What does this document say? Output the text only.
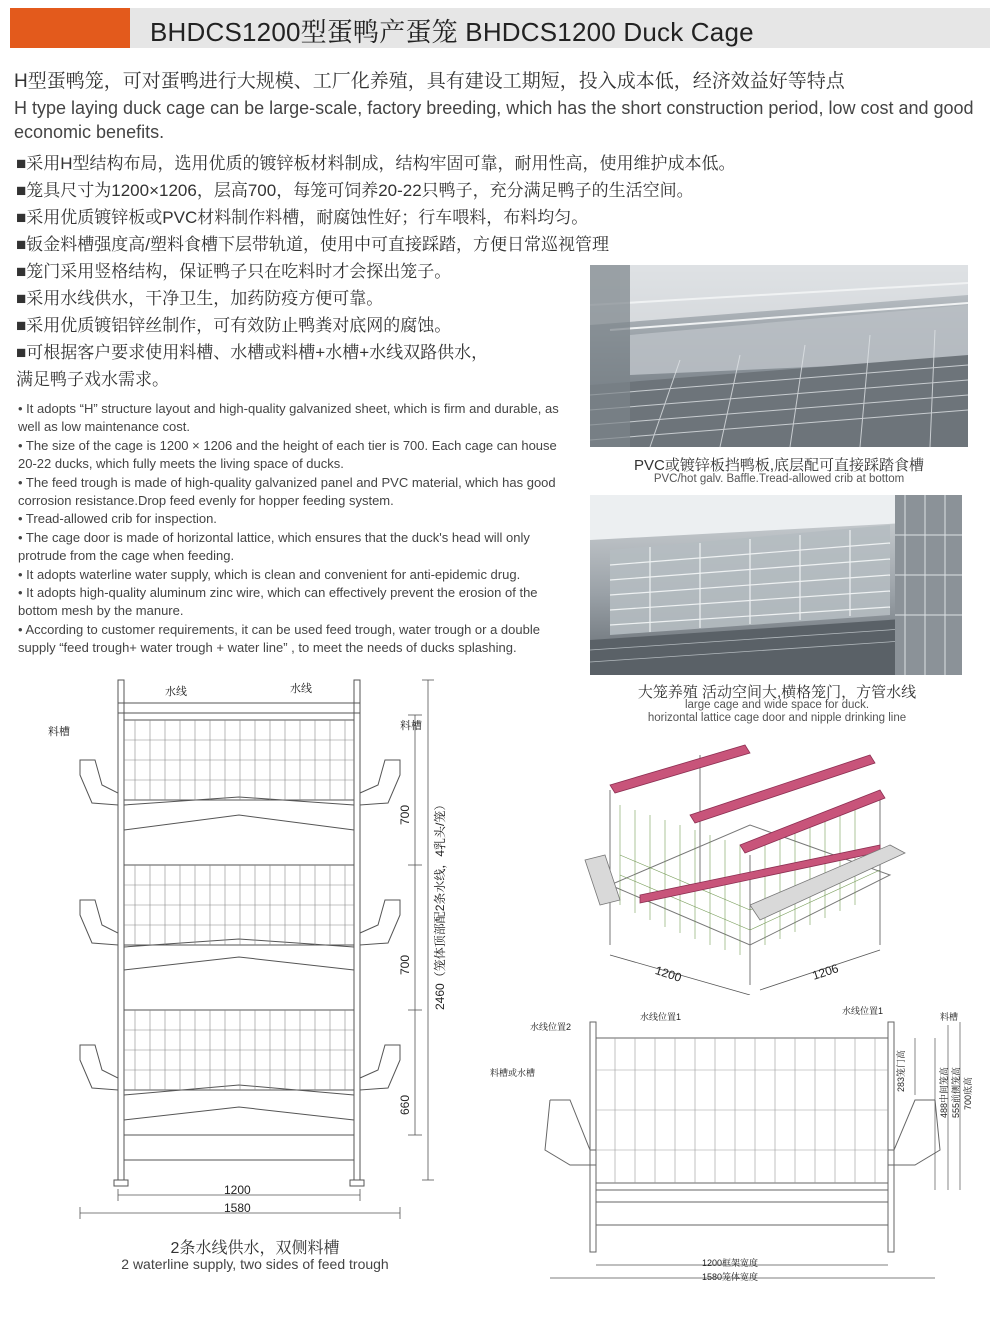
BHDCS1200型蛋鸭产蛋笼 BHDCS1200 Duck Cage
H型蛋鸭笼，可对蛋鸭进行大规模、工厂化养殖，具有建设工期短，投入成本低，经济效益好等特点
H type laying duck cage can be large-scale, factory breeding, which has the short construction period, low cost and good economic benefits.
■采用H型结构布局，选用优质的镀锌板材料制成，结构牢固可靠，耐用性高，使用维护成本低。
■笼具尺寸为1200×1206，层高700，每笼可饲养20-22只鸭子，充分满足鸭子的生活空间。
■采用优质镀锌板或PVC材料制作料槽，耐腐蚀性好；行车喂料，布料均匀。
■钣金料槽强度高/塑料食槽下层带轨道，使用中可直接踩踏，方便日常巡视管理
■笼门采用竖格结构，保证鸭子只在吃料时才会探出笼子。
■采用水线供水，干净卫生，加药防疫方便可靠。
■采用优质镀铝锌丝制作，可有效防止鸭粪对底网的腐蚀。
■可根据客户要求使用料槽、水槽或料槽+水槽+水线双路供水，
满足鸭子戏水需求。
• It adopts “H” structure layout and high-quality galvanized sheet, which is firm and durable, as well as low maintenance cost.
• The size of the cage is 1200 × 1206 and the height of each tier is 700. Each cage can house 20-22 ducks, which fully meets the living space of ducks.
• The feed trough is made of high-quality galvanized panel and PVC material, which has good corrosion resistance.Drop feed evenly for hopper feeding system.
• Tread-allowed crib for inspection.
• The cage door is made of horizontal lattice, which ensures that the duck's head will only protrude from the cage when feeding.
• It adopts waterline water supply, which is clean and convenient for anti-epidemic drug.
• It adopts high-quality aluminum zinc wire, which can effectively prevent the erosion of the bottom mesh by the manure.
• According to customer requirements, it can be used feed trough, water trough or a double supply “feed trough+ water trough + water line” , to meet the needs of ducks splashing.
PVC或镀锌板挡鸭板,底层配可直接踩踏食槽
PVC/hot galv. Baffle.Tread-allowed crib at bottom
大笼养殖 活动空间大,横格笼门，方管水线
large cage and wide space for duck.
horizontal lattice cage door and nipple drinking line
水线	水线
料槽	料槽
700
700
660
2460（笼体顶部配2条水线，4乳头/笼）
1200
1580
2条水线供水，双侧料槽
2 waterline supply, two sides of feed trough
1200	1206
水线位置1
水线位置1
水线位置2
料槽
料槽或水槽	283笼门高	488中间笼高 555前侧笼高 700底高
1200框架宽度
1580笼体宽度
